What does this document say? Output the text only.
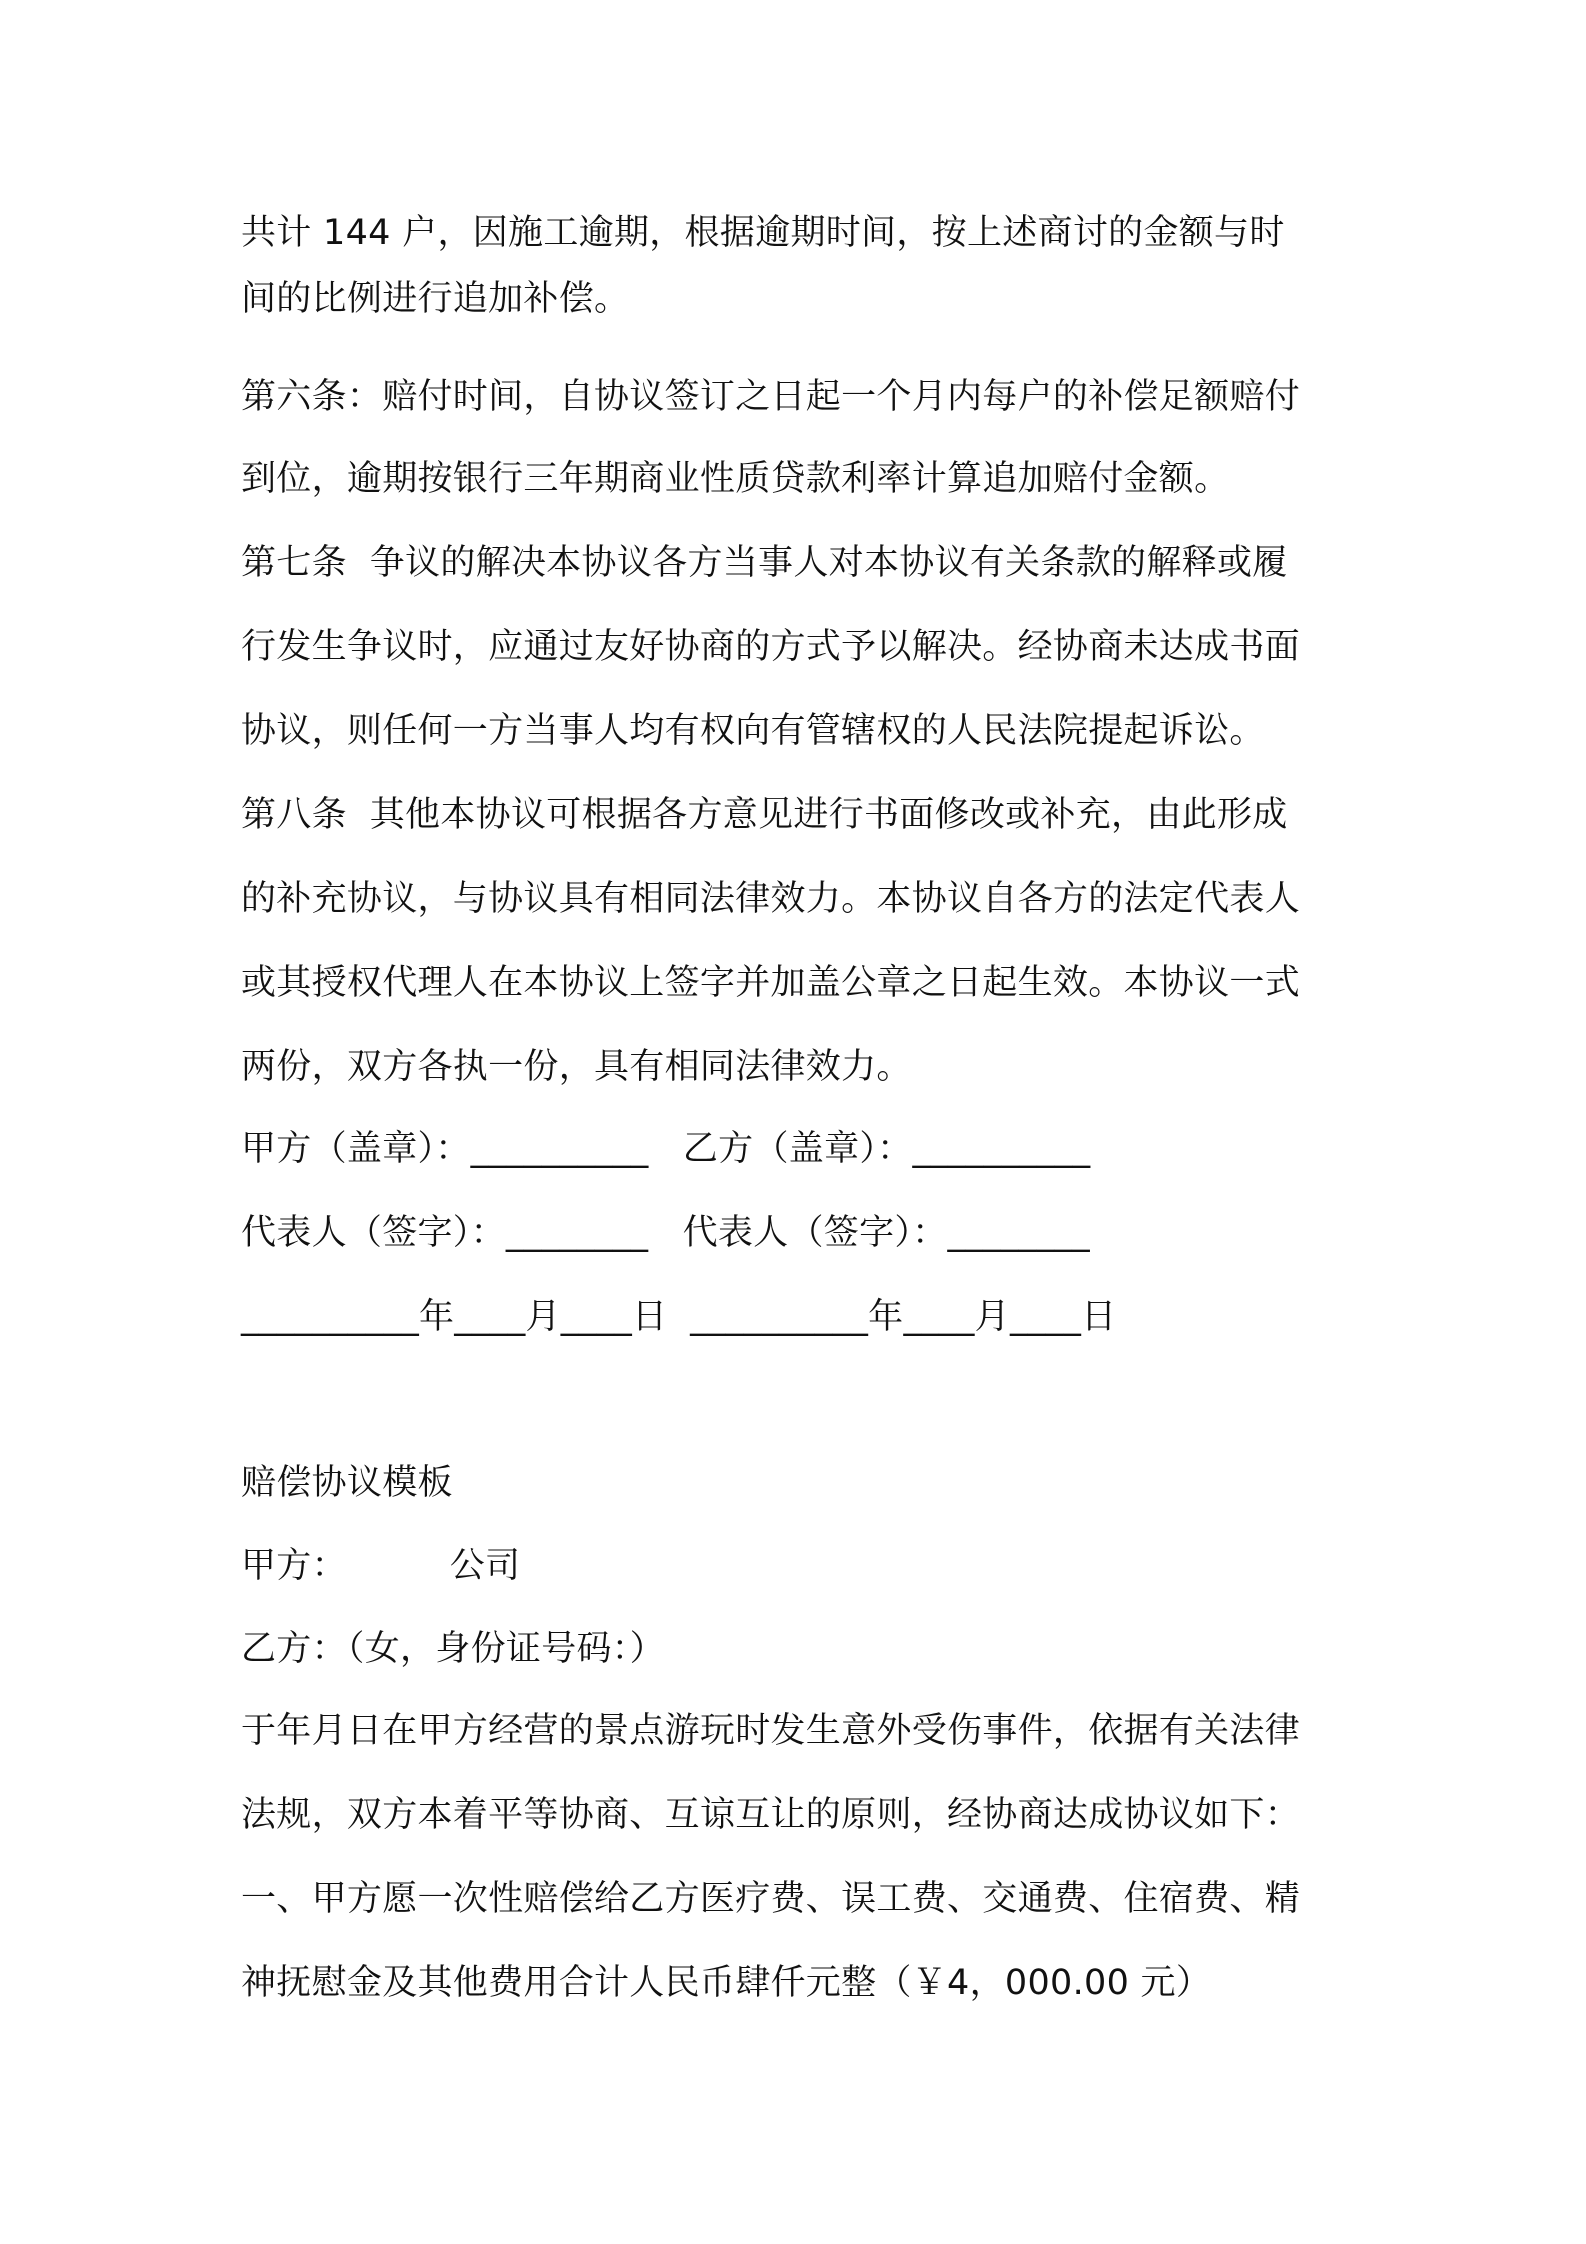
共计 144 户，因施工逾期，根据逾期时间，按上述商讨的金额与时
间的比例进行追加补偿。
第六条：赔付时间，自协议签订之日起一个月内每户的补偿足额赔付
到位，逾期按银行三年期商业性质贷款利率计算追加赔付金额。
第七条  争议的解决本协议各方当事人对本协议有关条款的解释或履
行发生争议时，应通过友好协商的方式予以解决。经协商未达成书面
协议，则任何一方当事人均有权向有管辖权的人民法院提起诉讼。
第八条  其他本协议可根据各方意见进行书面修改或补充，由此形成
的补充协议，与协议具有相同法律效力。本协议自各方的法定代表人
或其授权代理人在本协议上签字并加盖公章之日起生效。本协议一式
两份，双方各执一份，具有相同法律效力。
甲方（盖章）：__________   乙方（盖章）：__________
代表人（签字）：________   代表人（签字）：________
__________年____月____日  __________年____月____日
赔偿协议模板
甲方：         公司
乙方：（女，身份证号码：）
于年月日在甲方经营的景点游玩时发生意外受伤事件，依据有关法律
法规，双方本着平等协商、互谅互让的原则，经协商达成协议如下：
一、甲方愿一次性赔偿给乙方医疗费、误工费、交通费、住宿费、精
神抚慰金及其他费用合计人民币肆仟元整（￥4，000.00 元）
